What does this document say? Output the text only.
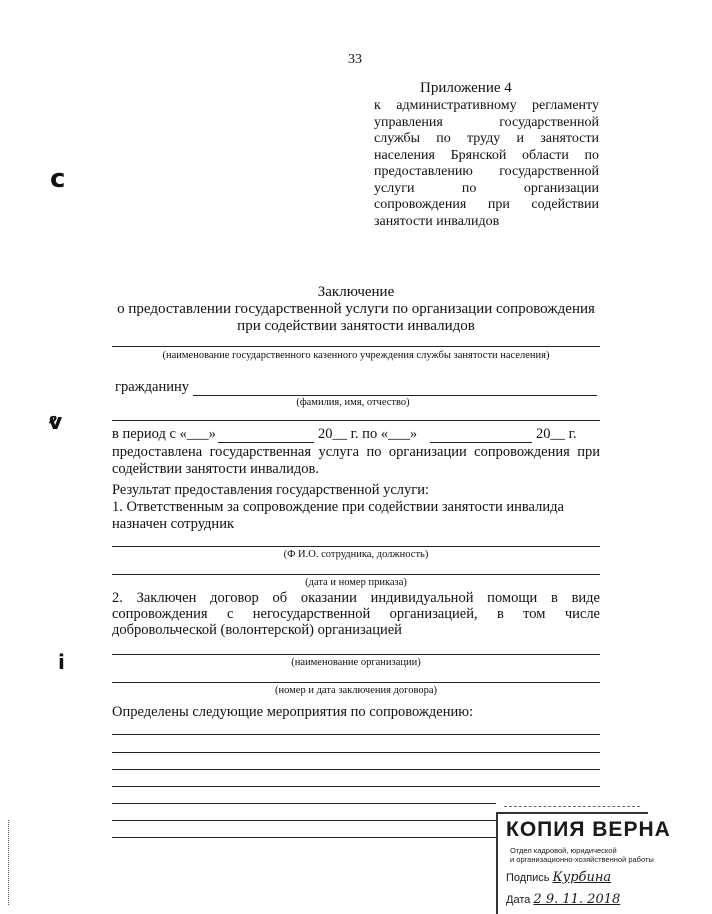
33
Приложение 4
к административному регламенту
управления государственной
службы по труду и занятости
населения Брянской области по
предоставлению государственной
услуги по организации
сопровождения при содействии
занятости инвалидов
c
ⱴ
i
Заключение
о предоставлении государственной услуги по организации сопровождения при содействии занятости инвалидов
(наименование государственного казенного учреждения службы занятости населения)
гражданину
(фамилия, имя, отчество)
в период с «___»	20__ г. по «___»	20__ г.
предоставлена государственная услуга по организации сопровождения при содействии занятости инвалидов.
Результат предоставления государственной услуги:
1. Ответственным за сопровождение при содействии занятости инвалида назначен сотрудник
(Ф И.О. сотрудника, должность)
(дата и номер приказа)
2. Заключен договор об оказании индивидуальной помощи в виде
сопровождения с негосударственной организацией, в том числе
добровольческой (волонтерской) организацией
(наименование организации)
(номер и дата заключения договора)
Определены следующие мероприятия по сопровождению:
КОПИЯ ВЕРНА
Отдел кадровой, юридической
и организационно-хозяйственной работы
Подпись Курбина
Дата 2 9. 11. 2018
